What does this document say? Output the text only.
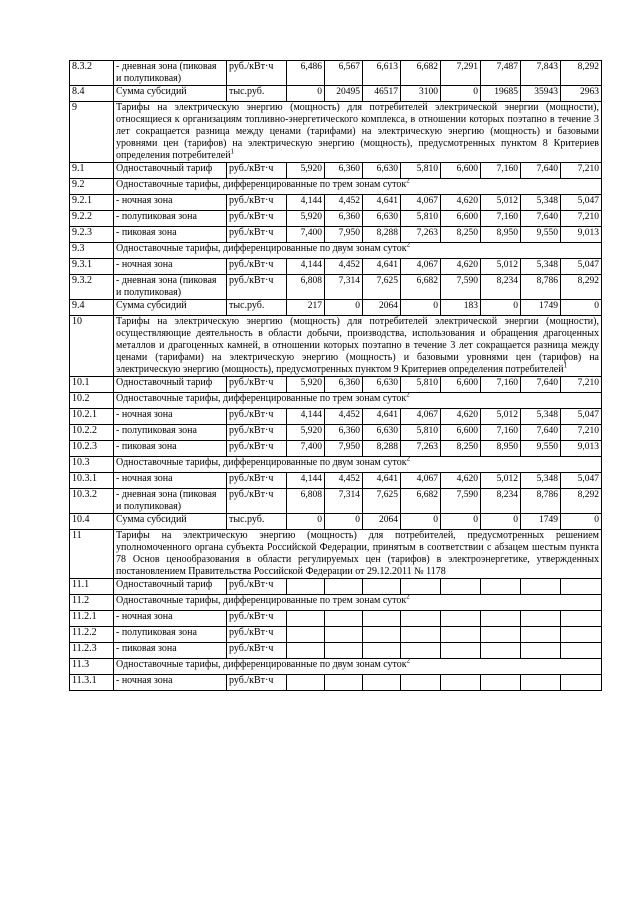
8.3.2	- дневная зона (пиковая и полупиковая)	руб./кВт·ч	6,486	6,567	6,613	6,682	7,291	7,487	7,843	8,292
8.4	Сумма субсидий	тыс.руб.	0	20495	46517	3100	0	19685	35943	2963
9	Тарифы на электрическую энергию (мощность) для потребителей электрической энергии (мощности), относящиеся к организациям топливно-энергетического комплекса, в отношении которых поэтапно в течение 3 лет сокращается разница между ценами (тарифами) на электрическую энергию (мощность) и базовыми уровнями цен (тарифов) на электрическую энергию (мощность), предусмотренных пунктом 8 Критериев определения потребителей$^1$
9.1	Одноставочный тариф	руб./кВт·ч	5,920	6,360	6,630	5,810	6,600	7,160	7,640	7,210
9.2	Одноставочные тарифы, дифференцированные по трем зонам суток$^2$
9.2.1	- ночная зона	руб./кВт·ч	4,144	4,452	4,641	4,067	4,620	5,012	5,348	5,047
9.2.2	- полупиковая зона	руб./кВт·ч	5,920	6,360	6,630	5,810	6,600	7,160	7,640	7,210
9.2.3	- пиковая зона	руб./кВт·ч	7,400	7,950	8,288	7,263	8,250	8,950	9,550	9,013
9.3	Одноставочные тарифы, дифференцированные по двум зонам суток$^2$
9.3.1	- ночная зона	руб./кВт·ч	4,144	4,452	4,641	4,067	4,620	5,012	5,348	5,047
9.3.2	- дневная зона (пиковая и полупиковая)	руб./кВт·ч	6,808	7,314	7,625	6,682	7,590	8,234	8,786	8,292
9.4	Сумма субсидий	тыс.руб.	217	0	2064	0	183	0	1749	0
10	Тарифы на электрическую энергию (мощность) для потребителей электрической энергии (мощности), осуществляющие деятельность в области добычи, производства, использования и обращения драгоценных металлов и драгоценных камней, в отношении которых поэтапно в течение 3 лет сокращается разница между ценами (тарифами) на электрическую энергию (мощность) и базовыми уровнями цен (тарифов) на электрическую энергию (мощность), предусмотренных пунктом 9 Критериев определения потребителей$^1$
10.1	Одноставочный тариф	руб./кВт·ч	5,920	6,360	6,630	5,810	6,600	7,160	7,640	7,210
10.2	Одноставочные тарифы, дифференцированные по трем зонам суток$^2$
10.2.1	- ночная зона	руб./кВт·ч	4,144	4,452	4,641	4,067	4,620	5,012	5,348	5,047
10.2.2	- полупиковая зона	руб./кВт·ч	5,920	6,360	6,630	5,810	6,600	7,160	7,640	7,210
10.2.3	- пиковая зона	руб./кВт·ч	7,400	7,950	8,288	7,263	8,250	8,950	9,550	9,013
10.3	Одноставочные тарифы, дифференцированные по двум зонам суток$^2$
10.3.1	- ночная зона	руб./кВт·ч	4,144	4,452	4,641	4,067	4,620	5,012	5,348	5,047
10.3.2	- дневная зона (пиковая и полупиковая)	руб./кВт·ч	6,808	7,314	7,625	6,682	7,590	8,234	8,786	8,292
10.4	Сумма субсидий	тыс.руб.	0	0	2064	0	0	0	1749	0
11	Тарифы на электрическую энергию (мощность) для потребителей, предусмотренных решением уполномоченного органа субъекта Российской Федерации, принятым в соответствии с абзацем шестым пункта 78 Основ ценообразования в области регулируемых цен (тарифов) в электроэнергетике, утвержденных постановлением Правительства Российской Федерации от 29.12.2011 № 1178									
11.1	Одноставочный тариф	руб./кВт·ч								
11.2	Одноставочные тарифы, дифференцированные по трем зонам суток$^2$
11.2.1	- ночная зона	руб./кВт·ч								
11.2.2	- полупиковая зона	руб./кВт·ч								
11.2.3	- пиковая зона	руб./кВт·ч								
11.3	Одноставочные тарифы, дифференцированные по двум зонам суток$^2$
11.3.1	- ночная зона	руб./кВт·ч								
